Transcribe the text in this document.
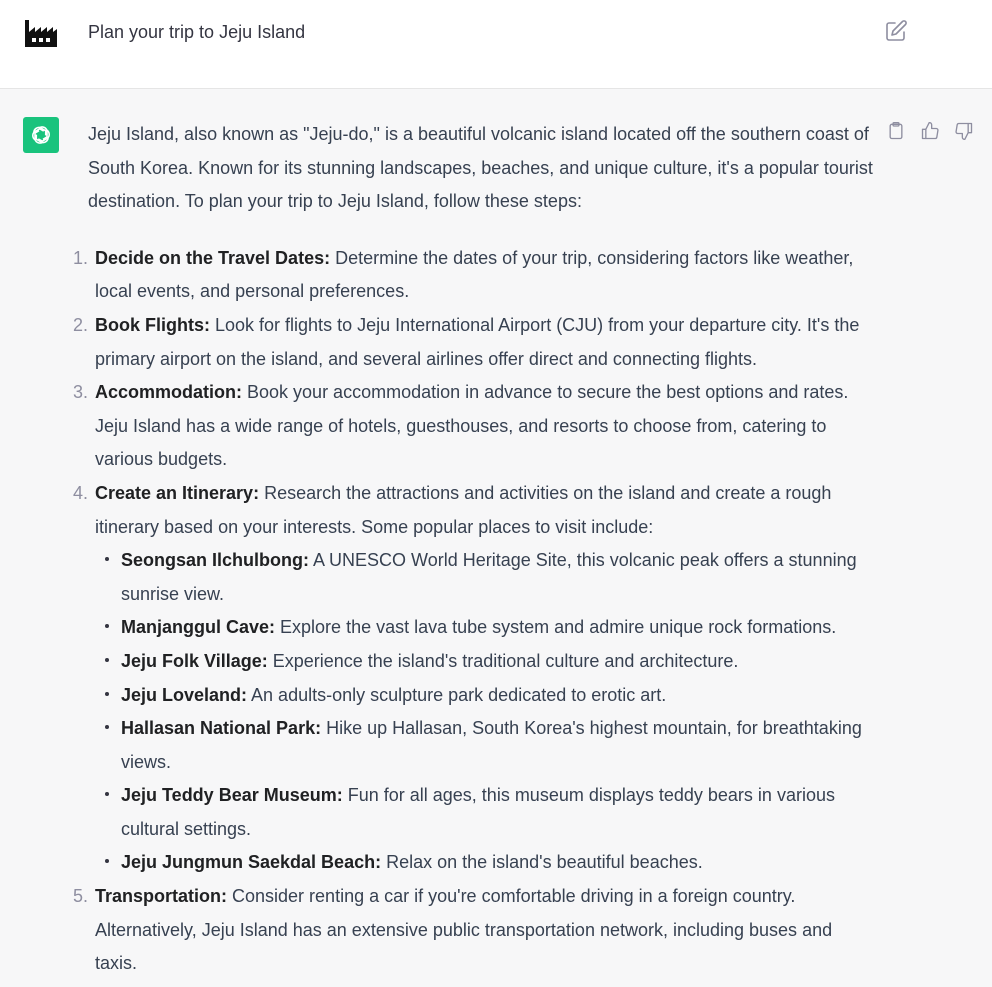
Plan your trip to Jeju Island

Jeju Island, also known as "Jeju-do," is a beautiful volcanic island located off the southern coast of South Korea. Known for its stunning landscapes, beaches, and unique culture, it's a popular tourist destination. To plan your trip to Jeju Island, follow these steps:

1. Decide on the Travel Dates: Determine the dates of your trip, considering factors like weather, local events, and personal preferences.
2. Book Flights: Look for flights to Jeju International Airport (CJU) from your departure city. It's the primary airport on the island, and several airlines offer direct and connecting flights.
3. Accommodation: Book your accommodation in advance to secure the best options and rates. Jeju Island has a wide range of hotels, guesthouses, and resorts to choose from, catering to various budgets.
4. Create an Itinerary: Research the attractions and activities on the island and create a rough itinerary based on your interests. Some popular places to visit include:
Seongsan Ilchulbong: A UNESCO World Heritage Site, this volcanic peak offers a stunning sunrise view.
Manjanggul Cave: Explore the vast lava tube system and admire unique rock formations.
Jeju Folk Village: Experience the island's traditional culture and architecture.
Jeju Loveland: An adults-only sculpture park dedicated to erotic art.
Hallasan National Park: Hike up Hallasan, South Korea's highest mountain, for breathtaking views.
Jeju Teddy Bear Museum: Fun for all ages, this museum displays teddy bears in various cultural settings.
Jeju Jungmun Saekdal Beach: Relax on the island's beautiful beaches.
5. Transportation: Consider renting a car if you're comfortable driving in a foreign country. Alternatively, Jeju Island has an extensive public transportation network, including buses and taxis.
